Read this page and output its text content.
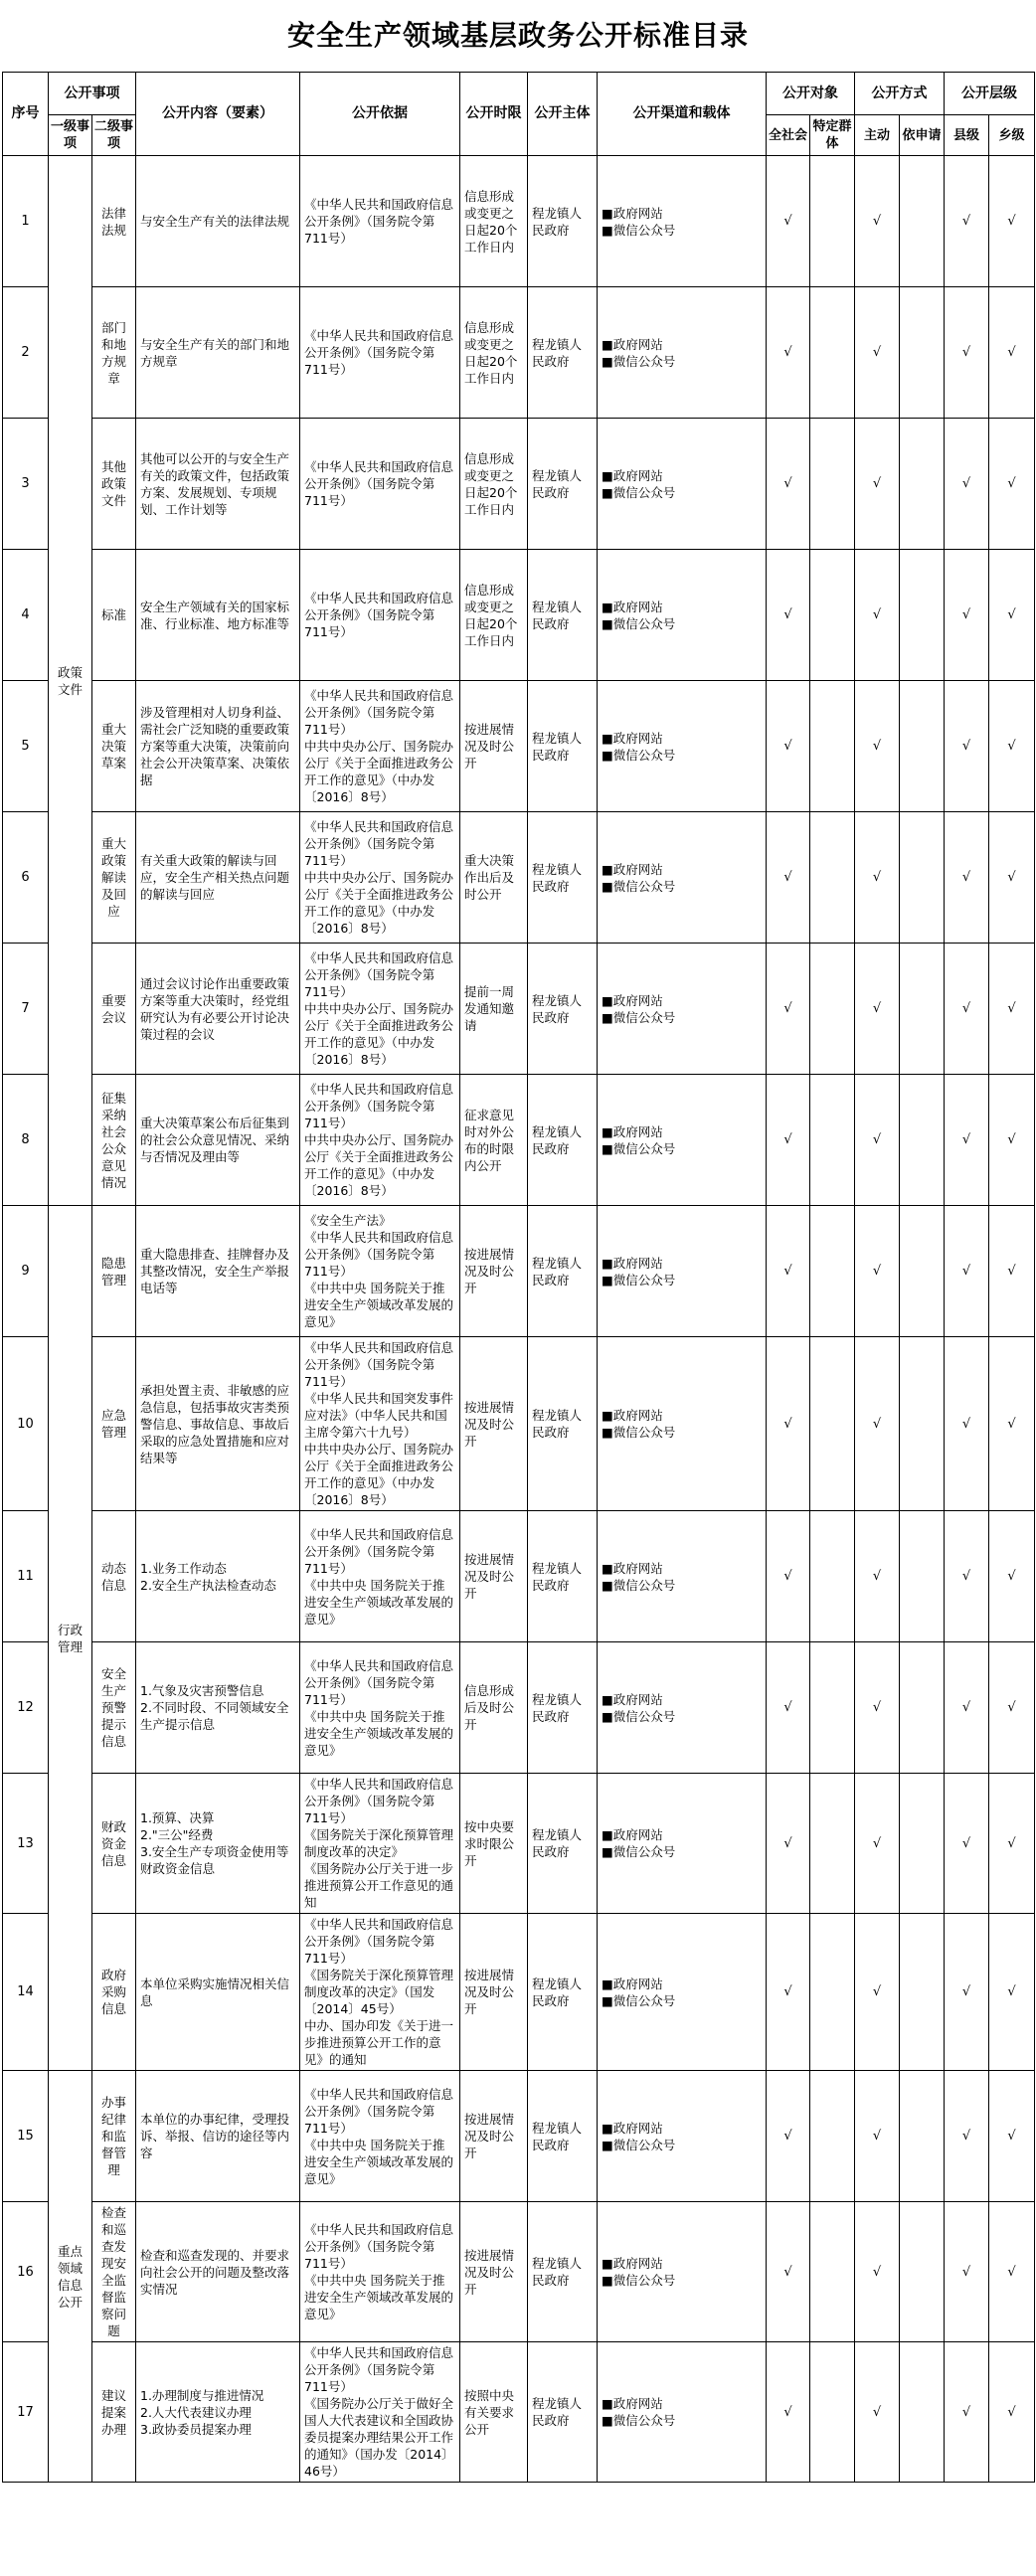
安全生产领域基层政务公开标准目录
序号	公开事项		公开内容（要素）	公开依据	公开时限	公开主体	公开渠道和载体	公开对象		公开方式		公开层级	
	一级事项	二级事项						全社会	特定群体	主动	依申请	县级	乡级
1	政策文件	法律法规	与安全生产有关的法律法规	《中华人民共和国政府信息公开条例》（国务院令第711号）	信息形成或变更之日起20个工作日内	程龙镇人民政府	■政府网站
■微信公众号	√		√		√	√
2		部门和地方规章	与安全生产有关的部门和地方规章	《中华人民共和国政府信息公开条例》（国务院令第711号）	信息形成或变更之日起20个工作日内	程龙镇人民政府	■政府网站
■微信公众号	√		√		√	√
3		其他政策文件	其他可以公开的与安全生产有关的政策文件，包括政策方案、发展规划、专项规划、工作计划等	《中华人民共和国政府信息公开条例》（国务院令第711号）	信息形成或变更之日起20个工作日内	程龙镇人民政府	■政府网站
■微信公众号	√		√		√	√
4		标准	安全生产领域有关的国家标准、行业标准、地方标准等	《中华人民共和国政府信息公开条例》（国务院令第711号）	信息形成或变更之日起20个工作日内	程龙镇人民政府	■政府网站
■微信公众号	√		√		√	√
5		重大决策草案	涉及管理相对人切身利益、需社会广泛知晓的重要政策方案等重大决策，决策前向社会公开决策草案、决策依据	《中华人民共和国政府信息公开条例》（国务院令第711号）
中共中央办公厅、国务院办公厅《关于全面推进政务公开工作的意见》（中办发〔2016〕8号）	按进展情况及时公开	程龙镇人民政府	■政府网站
■微信公众号	√		√		√	√
6		重大政策解读及回应	有关重大政策的解读与回应，安全生产相关热点问题的解读与回应	《中华人民共和国政府信息公开条例》（国务院令第711号）
中共中央办公厅、国务院办公厅《关于全面推进政务公开工作的意见》（中办发〔2016〕8号）	重大决策作出后及时公开	程龙镇人民政府	■政府网站
■微信公众号	√		√		√	√
7		重要会议	通过会议讨论作出重要政策方案等重大决策时，经党组研究认为有必要公开讨论决策过程的会议	《中华人民共和国政府信息公开条例》（国务院令第711号）
中共中央办公厅、国务院办公厅《关于全面推进政务公开工作的意见》（中办发〔2016〕8号）	提前一周发通知邀请	程龙镇人民政府	■政府网站
■微信公众号	√		√		√	√
8		征集采纳社会公众意见情况	重大决策草案公布后征集到的社会公众意见情况、采纳与否情况及理由等	《中华人民共和国政府信息公开条例》（国务院令第711号）
中共中央办公厅、国务院办公厅《关于全面推进政务公开工作的意见》（中办发〔2016〕8号）	征求意见时对外公布的时限内公开	程龙镇人民政府	■政府网站
■微信公众号	√		√		√	√
9	行政管理	隐患管理	重大隐患排查、挂牌督办及其整改情况，安全生产举报电话等	《安全生产法》
《中华人民共和国政府信息公开条例》（国务院令第711号）
《中共中央 国务院关于推进安全生产领域改革发展的意见》	按进展情况及时公开	程龙镇人民政府	■政府网站
■微信公众号	√		√		√	√
10		应急管理	承担处置主责、非敏感的应急信息，包括事故灾害类预警信息、事故信息、事故后采取的应急处置措施和应对结果等	《中华人民共和国政府信息公开条例》（国务院令第711号）
《中华人民共和国突发事件应对法》（中华人民共和国主席令第六十九号）
中共中央办公厅、国务院办公厅《关于全面推进政务公开工作的意见》（中办发〔2016〕8号）	按进展情况及时公开	程龙镇人民政府	■政府网站
■微信公众号	√		√		√	√
11		动态信息	1.业务工作动态
2.安全生产执法检查动态	《中华人民共和国政府信息公开条例》（国务院令第711号）
《中共中央 国务院关于推进安全生产领域改革发展的意见》	按进展情况及时公开	程龙镇人民政府	■政府网站
■微信公众号	√		√		√	√
12		安全生产预警提示信息	1.气象及灾害预警信息
2.不同时段、不同领域安全生产提示信息	《中华人民共和国政府信息公开条例》（国务院令第711号）
《中共中央 国务院关于推进安全生产领域改革发展的意见》	信息形成后及时公开	程龙镇人民政府	■政府网站
■微信公众号	√		√		√	√
13		财政资金信息	1.预算、决算
2."三公"经费
3.安全生产专项资金使用等财政资金信息	《中华人民共和国政府信息公开条例》（国务院令第711号）
《国务院关于深化预算管理制度改革的决定》
《国务院办公厅关于进一步推进预算公开工作意见的通知	按中央要求时限公开	程龙镇人民政府	■政府网站
■微信公众号	√		√		√	√
14		政府采购信息	本单位采购实施情况相关信息	《中华人民共和国政府信息公开条例》（国务院令第711号）
《国务院关于深化预算管理制度改革的决定》（国发〔2014〕45号）
中办、国办印发《关于进一步推进预算公开工作的意见》的通知	按进展情况及时公开	程龙镇人民政府	■政府网站
■微信公众号	√		√		√	√
15	重点领域信息公开	办事纪律和监督管理	本单位的办事纪律，受理投诉、举报、信访的途径等内容	《中华人民共和国政府信息公开条例》（国务院令第711号）
《中共中央 国务院关于推进安全生产领域改革发展的意见》	按进展情况及时公开	程龙镇人民政府	■政府网站
■微信公众号	√		√		√	√
16		检查和巡查发现安全监督监察问题	检查和巡查发现的、并要求向社会公开的问题及整改落实情况	《中华人民共和国政府信息公开条例》（国务院令第711号）
《中共中央 国务院关于推进安全生产领域改革发展的意见》	按进展情况及时公开	程龙镇人民政府	■政府网站
■微信公众号	√		√		√	√
17		建议提案办理	1.办理制度与推进情况
2.人大代表建议办理
3.政协委员提案办理	《中华人民共和国政府信息公开条例》（国务院令第711号）
《国务院办公厅关于做好全国人大代表建议和全国政协委员提案办理结果公开工作的通知》（国办发〔2014〕46号）	按照中央有关要求公开	程龙镇人民政府	■政府网站
■微信公众号	√		√		√	√
